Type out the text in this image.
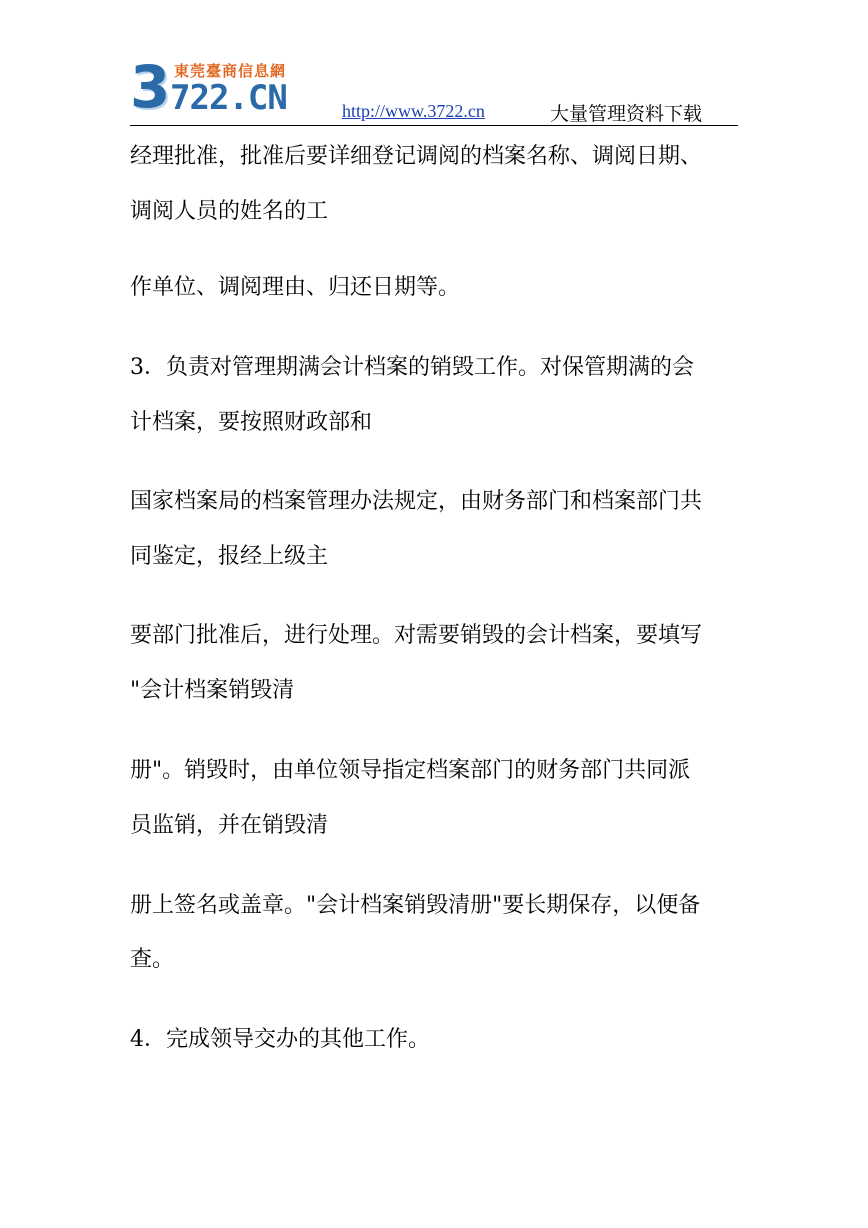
3 東莞臺商信息網
722.CN	http://www.3722.cn	大量管理资料下载
经理批准，批准后要详细登记调阅的档案名称、调阅日期、
调阅人员的姓名的工
作单位、调阅理由、归还日期等。
3．负责对管理期满会计档案的销毁工作。对保管期满的会
计档案，要按照财政部和
国家档案局的档案管理办法规定，由财务部门和档案部门共
同鉴定，报经上级主
要部门批准后，进行处理。对需要销毁的会计档案，要填写
"会计档案销毁清
册"。销毁时，由单位领导指定档案部门的财务部门共同派
员监销，并在销毁清
册上签名或盖章。"会计档案销毁清册"要长期保存，以便备
查。
4．完成领导交办的其他工作。
